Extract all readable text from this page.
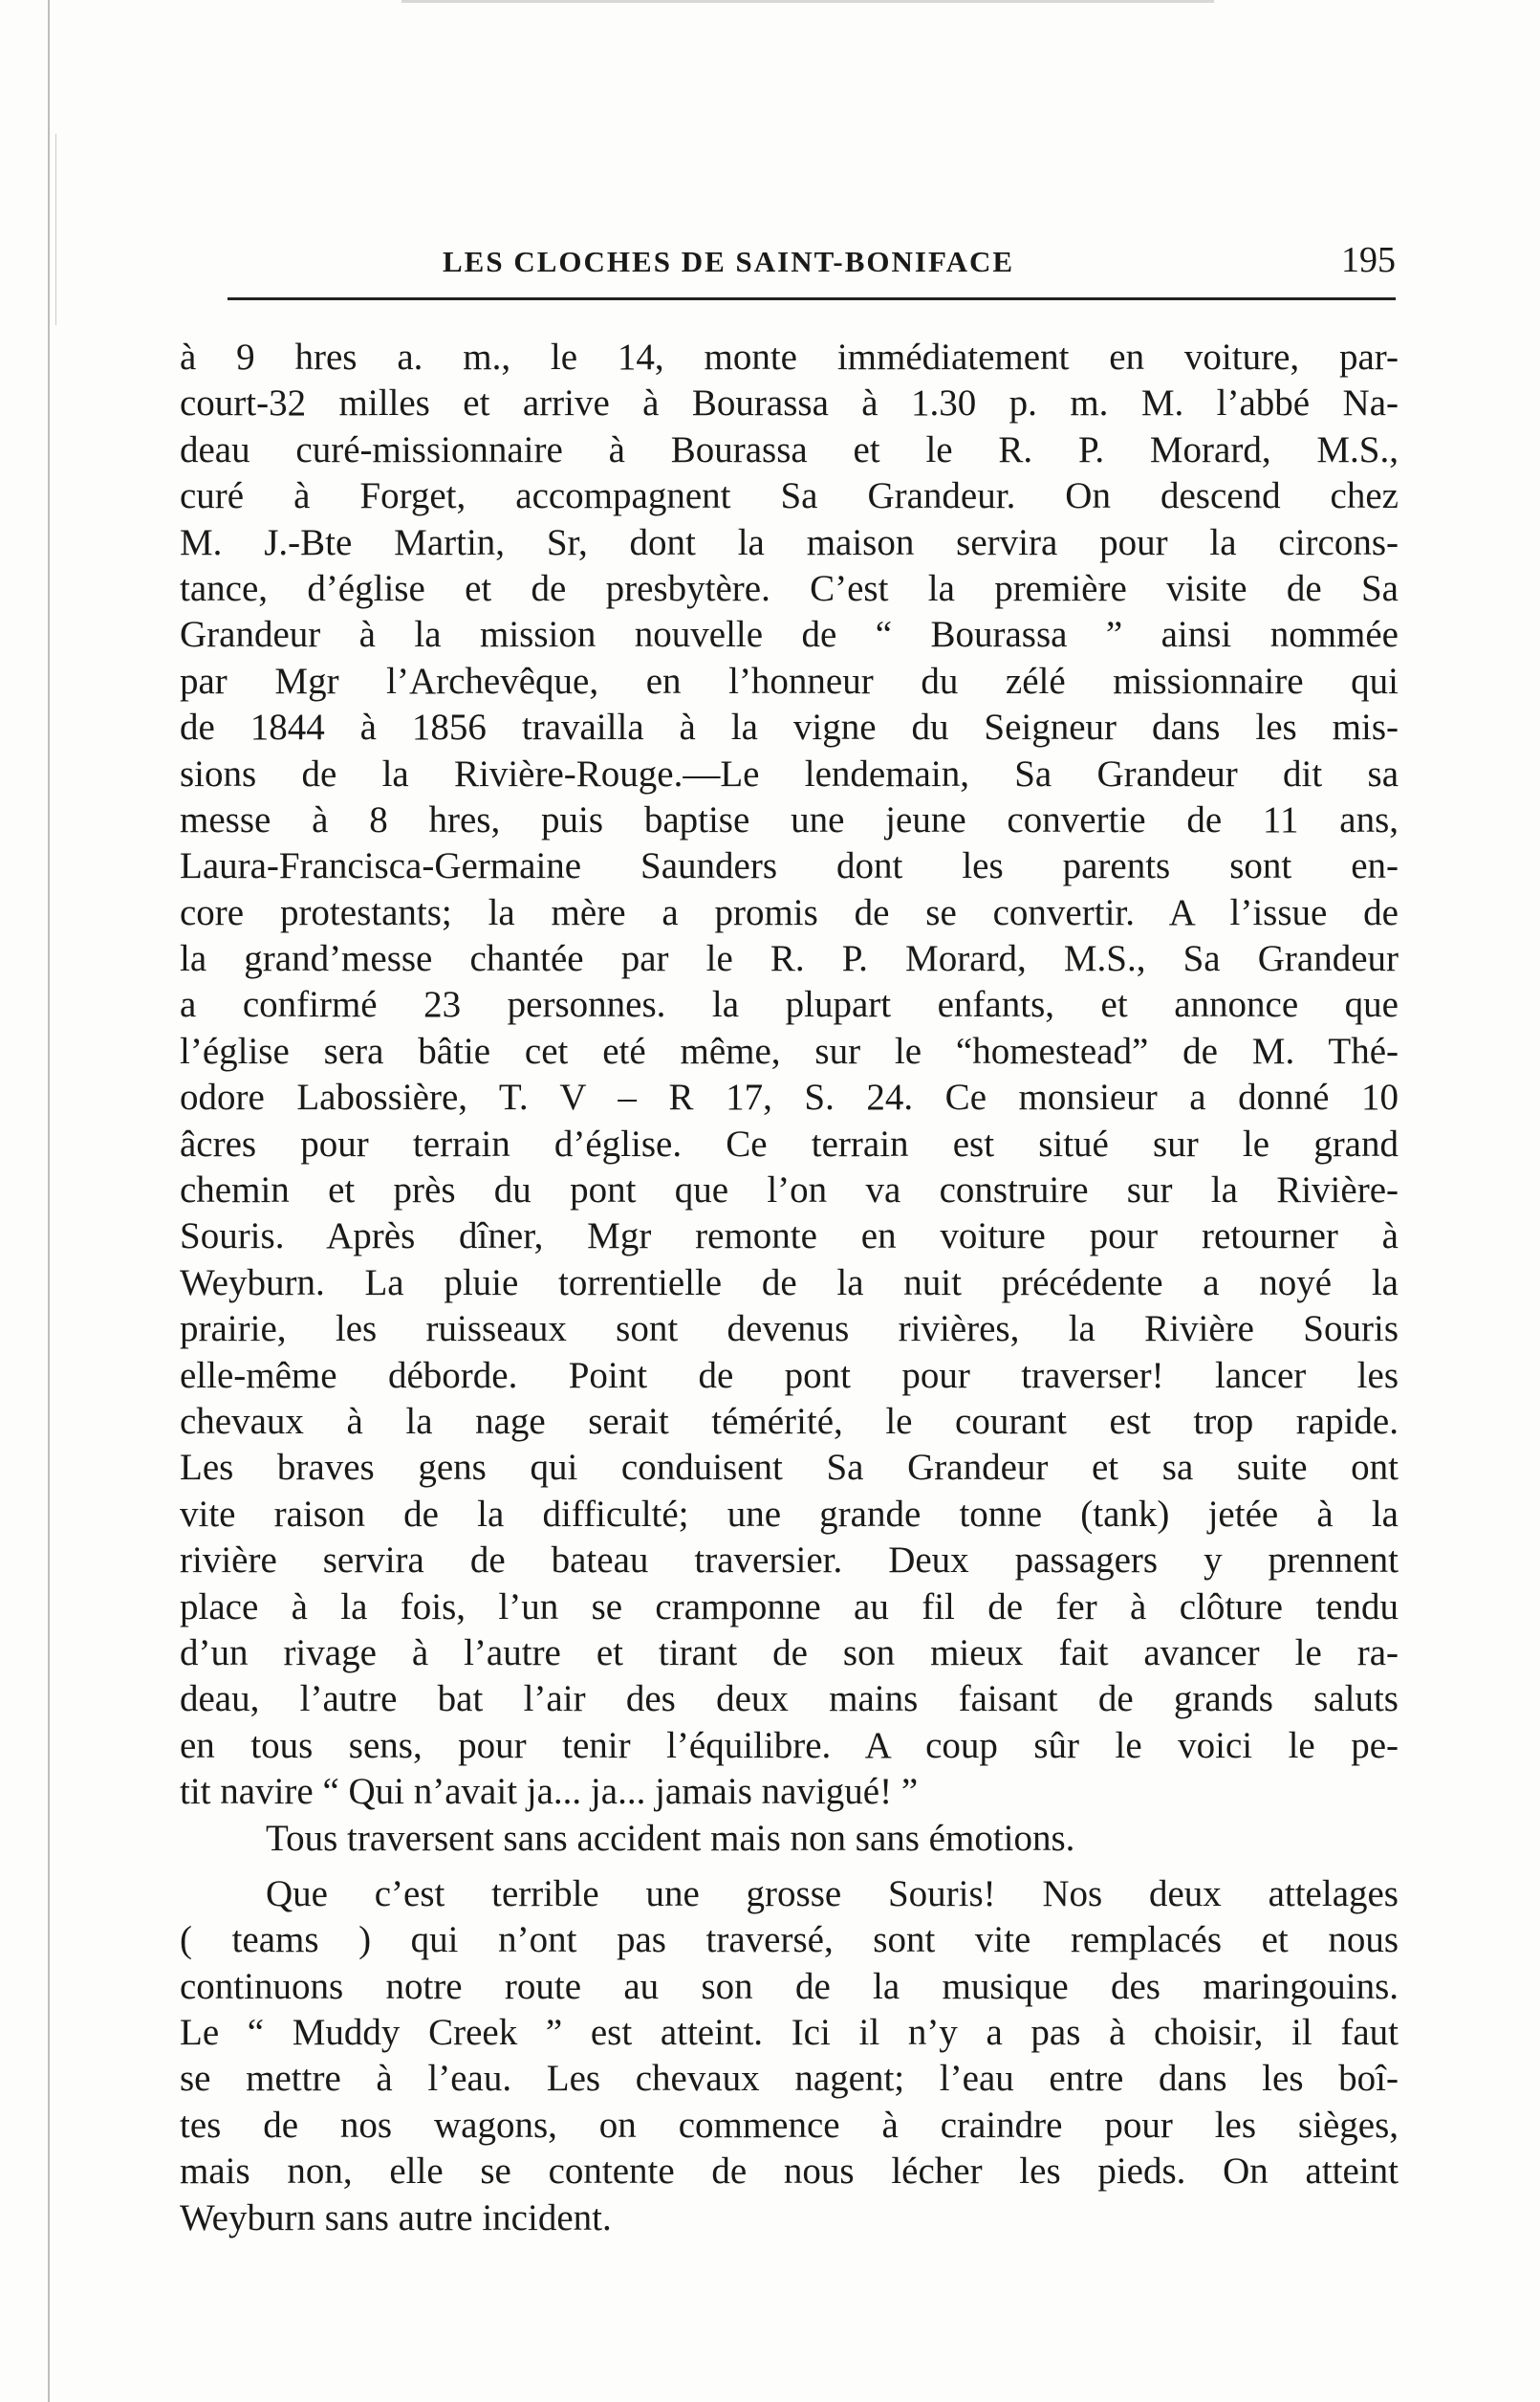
LES CLOCHES DE SAINT-BONIFACE	195
à 9 hres a. m., le 14, monte immédiatement en voiture, par-
court-32 milles et arrive à Bourassa à 1.30 p. m. M. l’abbé Na-
deau curé-missionnaire à Bourassa et le R. P. Morard, M.S.,
curé à Forget, accompagnent Sa Grandeur. On descend chez
M. J.-Bte Martin, Sr, dont la maison servira pour la circons-
tance, d’église et de presbytère. C’est la première visite de Sa
Grandeur à la mission nouvelle de “ Bourassa ” ainsi nommée
par Mgr l’Archevêque, en l’honneur du zélé missionnaire qui
de 1844 à 1856 travailla à la vigne du Seigneur dans les mis-
sions de la Rivière-Rouge.—Le lendemain, Sa Grandeur dit sa
messe à 8 hres, puis baptise une jeune convertie de 11 ans,
Laura-Francisca-Germaine Saunders dont les parents sont en-
core protestants; la mère a promis de se convertir. A l’issue de
la grand’messe chantée par le R. P. Morard, M.S., Sa Grandeur
a confirmé 23 personnes. la plupart enfants, et annonce que
l’église sera bâtie cet eté même, sur le “homestead” de M. Thé-
odore Labossière, T. V – R 17, S. 24. Ce monsieur a donné 10
âcres pour terrain d’église. Ce terrain est situé sur le grand
chemin et près du pont que l’on va construire sur la Rivière-
Souris. Après dîner, Mgr remonte en voiture pour retourner à
Weyburn. La pluie torrentielle de la nuit précédente a noyé la
prairie, les ruisseaux sont devenus rivières, la Rivière Souris
elle-même déborde. Point de pont pour traverser! lancer les
chevaux à la nage serait témérité, le courant est trop rapide.
Les braves gens qui conduisent Sa Grandeur et sa suite ont
vite raison de la difficulté; une grande tonne (tank) jetée à la
rivière servira de bateau traversier. Deux passagers y prennent
place à la fois, l’un se cramponne au fil de fer à clôture tendu
d’un rivage à l’autre et tirant de son mieux fait avancer le ra-
deau, l’autre bat l’air des deux mains faisant de grands saluts
en tous sens, pour tenir l’équilibre. A coup sûr le voici le pe-
tit navire “ Qui n’avait ja... ja... jamais navigué! ”
Tous traversent sans accident mais non sans émotions.
Que c’est terrible une grosse Souris! Nos deux attelages
( teams ) qui n’ont pas traversé, sont vite remplacés et nous
continuons notre route au son de la musique des maringouins.
Le “ Muddy Creek ” est atteint. Ici il n’y a pas à choisir, il faut
se mettre à l’eau. Les chevaux nagent; l’eau entre dans les boî-
tes de nos wagons, on commence à craindre pour les sièges,
mais non, elle se contente de nous lécher les pieds. On atteint
Weyburn sans autre incident.
